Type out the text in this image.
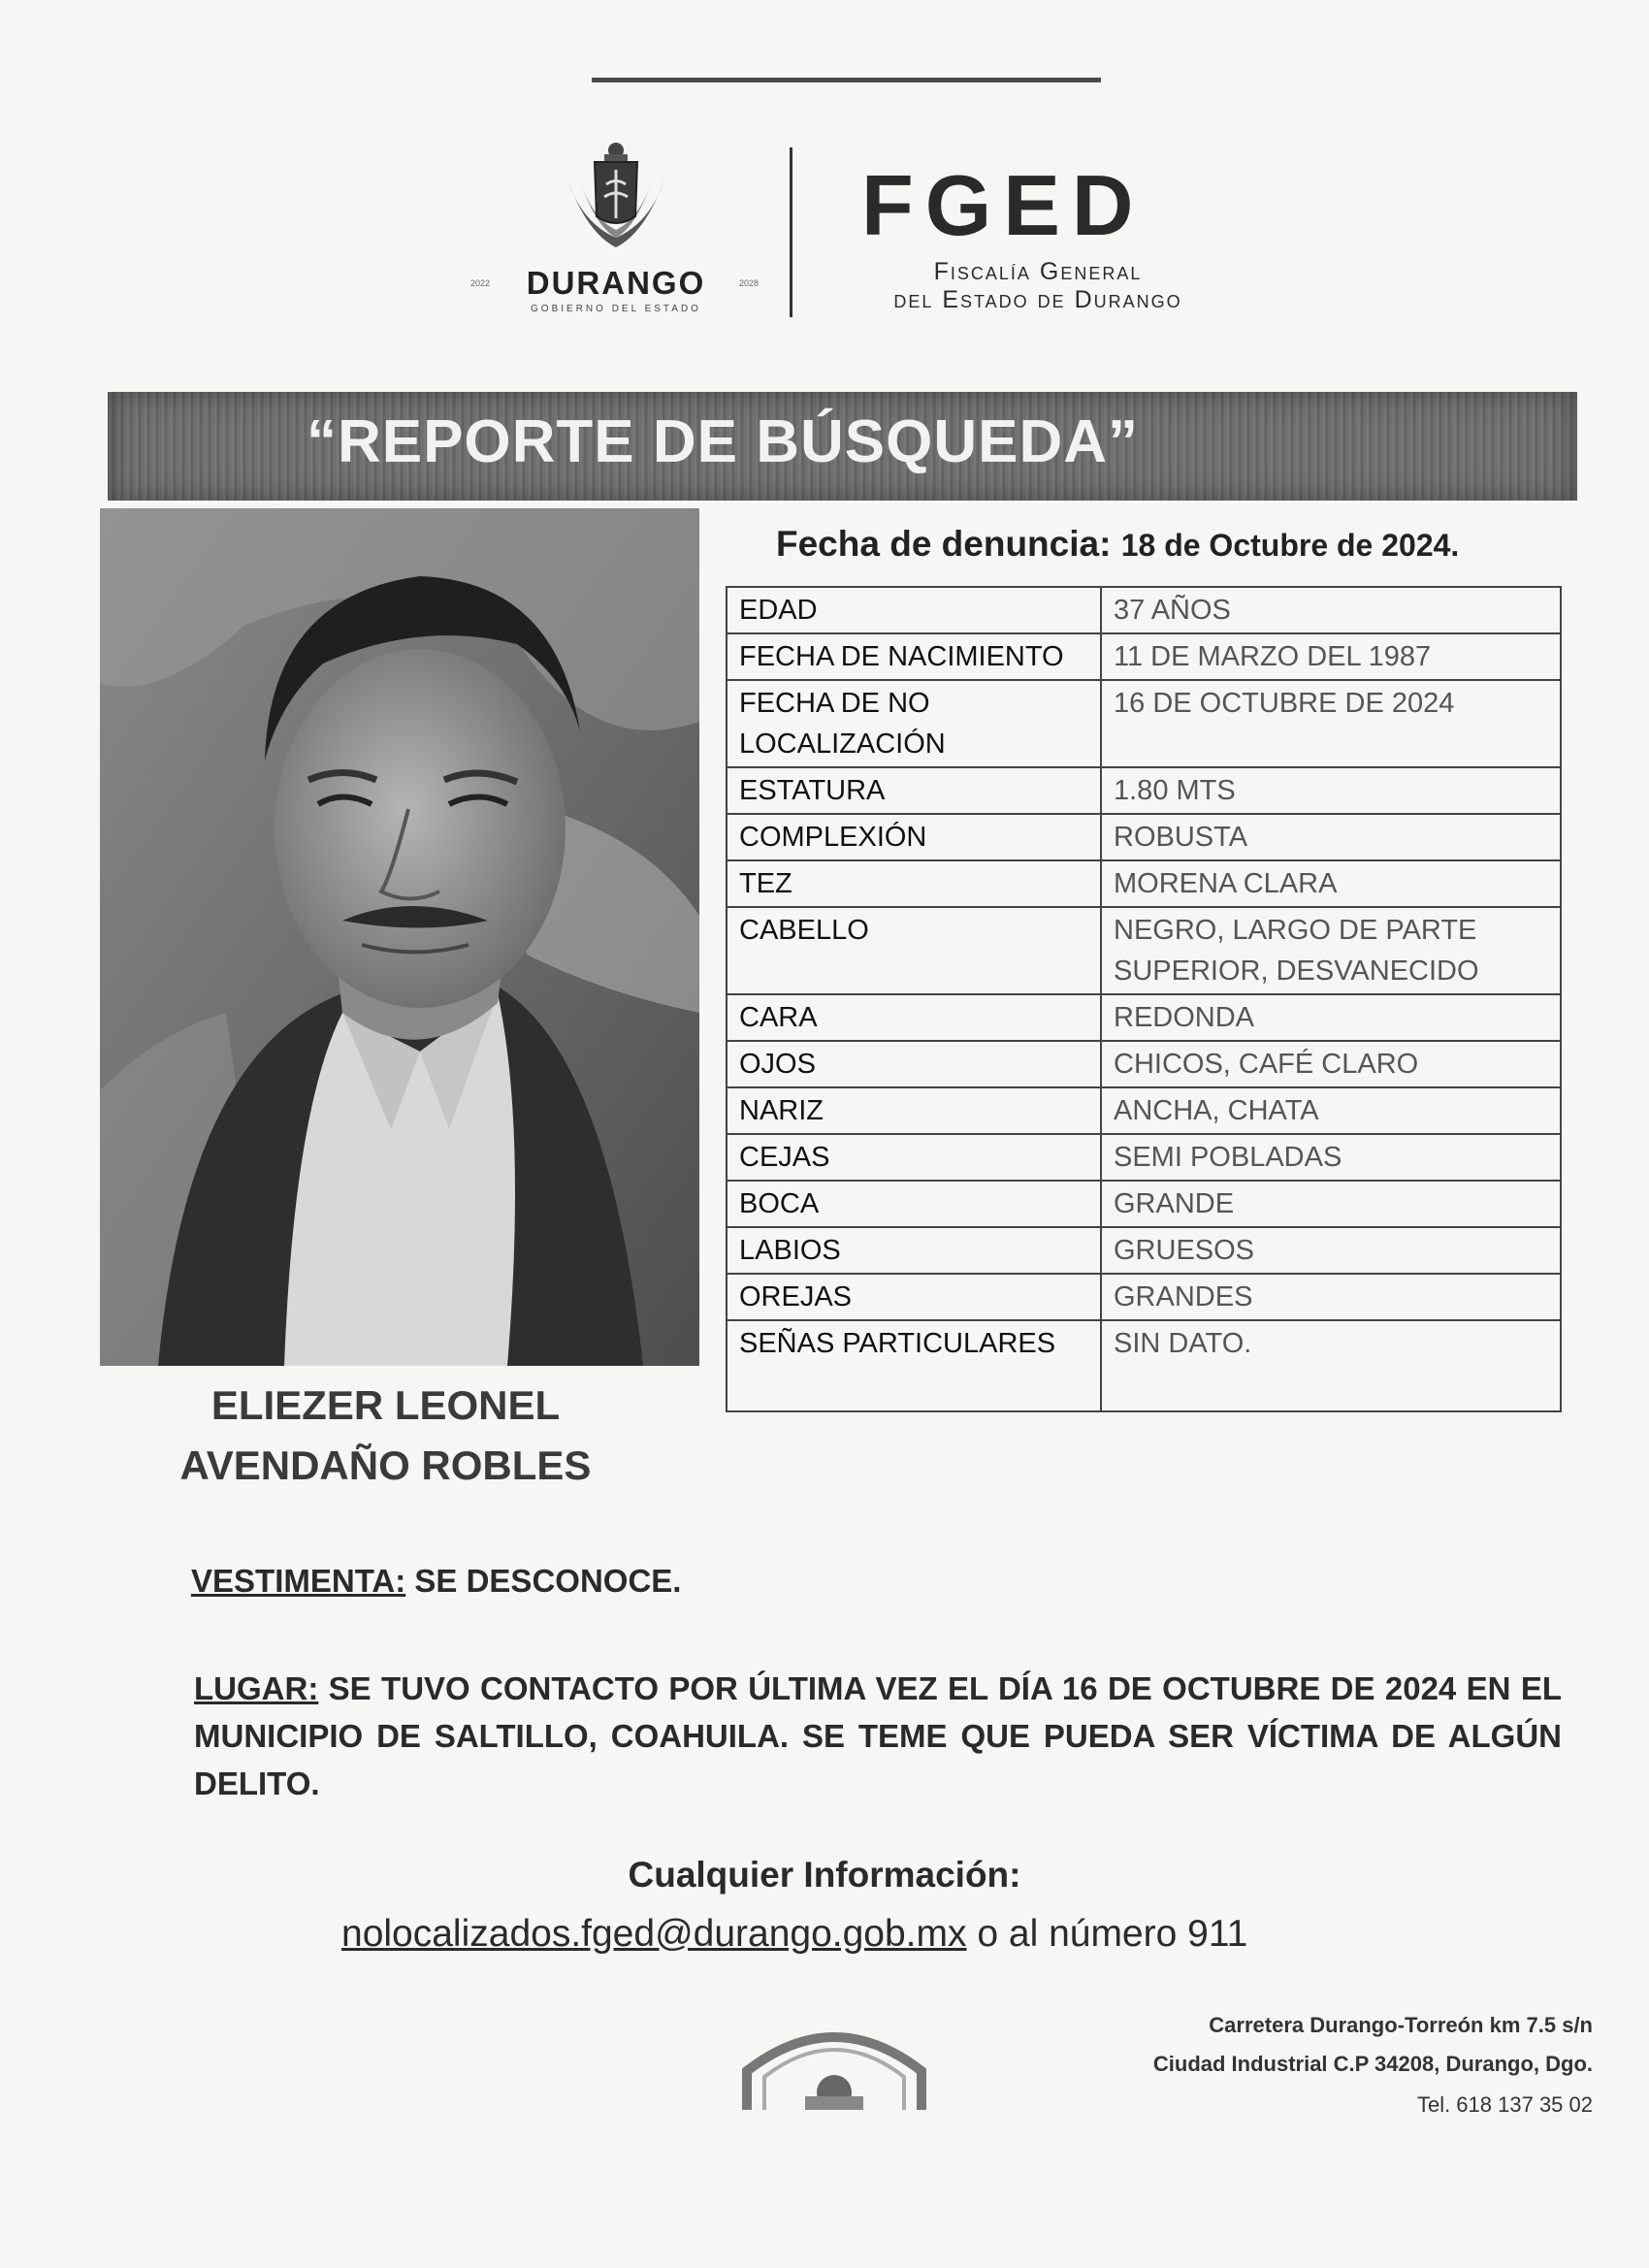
2022	DURANGO	2028
GOBIERNO DEL ESTADO
FGED
Fiscalía General
del Estado de Durango
“REPORTE DE BÚSQUEDA”
ELIEZER LEONEL
AVENDAÑO ROBLES
Fecha de denuncia: 18 de Octubre de 2024.
EDAD	37 AÑOS
FECHA DE NACIMIENTO	11 DE MARZO DEL 1987
FECHA DE NO LOCALIZACIÓN	16 DE OCTUBRE DE 2024
ESTATURA	1.80 MTS
COMPLEXIÓN	ROBUSTA
TEZ	MORENA CLARA
CABELLO	NEGRO, LARGO DE PARTE SUPERIOR, DESVANECIDO
CARA	REDONDA
OJOS	CHICOS, CAFÉ CLARO
NARIZ	ANCHA, CHATA
CEJAS	SEMI POBLADAS
BOCA	GRANDE
LABIOS	GRUESOS
OREJAS	GRANDES
SEÑAS PARTICULARES	SIN DATO.
VESTIMENTA: SE DESCONOCE.
LUGAR: SE TUVO CONTACTO POR ÚLTIMA VEZ EL DÍA 16 DE OCTUBRE DE 2024 EN EL MUNICIPIO DE SALTILLO, COAHUILA. SE TEME QUE PUEDA SER VÍCTIMA DE ALGÚN DELITO.
Cualquier Información:
nolocalizados.fged@durango.gob.mx o al número 911
Carretera Durango-Torreón km 7.5 s/n
Ciudad Industrial C.P 34208, Durango, Dgo.
Tel. 618 137 35 02
